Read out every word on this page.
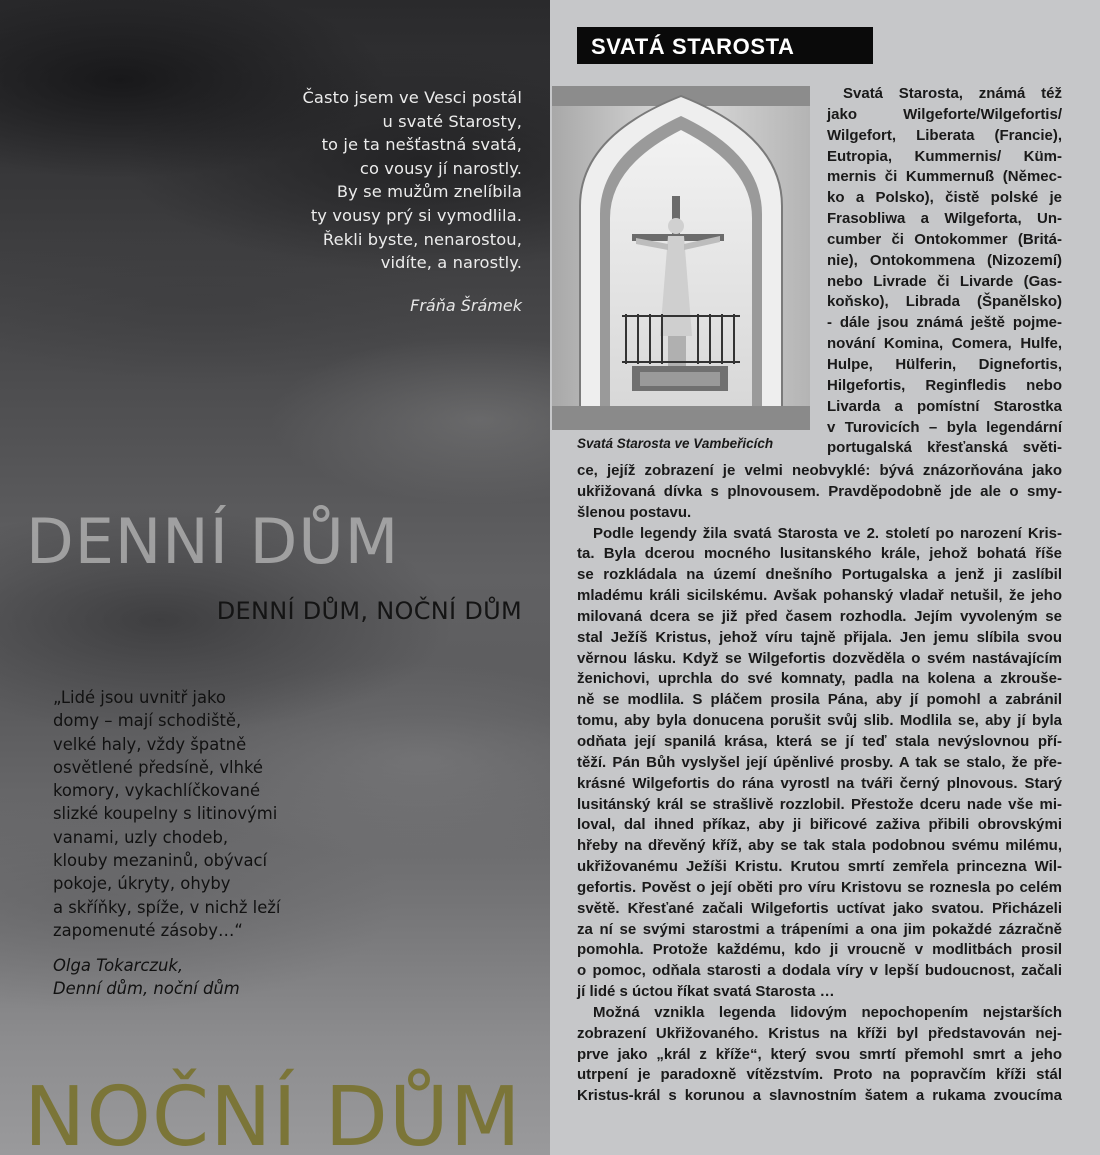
Často jsem ve Vesci postál
u svaté Starosty,
to je ta nešťastná svatá,
co vousy jí narostly.
By se mužům znelíbila
ty vousy prý si vymodlila.
Řekli byste, nenarostou,
vidíte, a narostly.
Fráňa Šrámek
DENNÍ DŮM
DENNÍ DŮM, NOČNÍ DŮM
„Lidé jsou uvnitř jako
domy – mají schodiště,
velké haly, vždy špatně
osvětlené předsíně, vlhké
komory, vykachlíčkované
slizké koupelny s litinovými
vanami, uzly chodeb,
klouby mezaninů, obývací
pokoje, úkryty, ohyby
a skříňky, spíže, v nichž leží
zapomenuté zásoby…“
Olga Tokarczuk,
Denní dům, noční dům
NOČNÍ DŮM
SVATÁ STAROSTA
Svatá Starosta ve Vambeřicích
Svatá Starosta, známá též
jako Wilgeforte/Wilgefortis/
Wilgefort, Liberata (Francie),
Eutropia, Kummernis/ Küm-
mernis či Kummernuß (Němec-
ko a Polsko), čistě polské je
Frasobliwa a Wilgeforta, Un-
cumber či Ontokommer (Britá-
nie), Ontokommena (Nizozemí)
nebo Livrade či Livarde (Gas-
koňsko), Librada (Španělsko)
- dále jsou známá ještě pojme-
nování Komina, Comera, Hulfe,
Hulpe, Hülferin, Dignefortis,
Hilgefortis, Reginfledis nebo
Livarda a pomístní Starostka
v Turovicích – byla legendární
portugalská křesťanská světi-
ce, jejíž zobrazení je velmi neobvyklé: bývá znázorňována jako
ukřižovaná dívka s plnovousem. Pravděpodobně jde ale o smy-
šlenou postavu.
Podle legendy žila svatá Starosta ve 2. století po narození Kris-
ta. Byla dcerou mocného lusitanského krále, jehož bohatá říše
se rozkládala na území dnešního Portugalska a jenž ji zaslíbil
mladému králi sicilskému. Avšak pohanský vladař netušil, že jeho
milovaná dcera se již před časem rozhodla. Jejím vyvoleným se
stal Ježíš Kristus, jehož víru tajně přijala. Jen jemu slíbila svou
věrnou lásku. Když se Wilgefortis dozvěděla o svém nastávajícím
ženichovi, uprchla do své komnaty, padla na kolena a zkrouše-
ně se modlila. S pláčem prosila Pána, aby jí pomohl a zabránil
tomu, aby byla donucena porušit svůj slib. Modlila se, aby jí byla
odňata její spanilá krása, která se jí teď stala nevýslovnou pří-
těží. Pán Bůh vyslyšel její úpěnlivé prosby. A tak se stalo, že pře-
krásné Wilgefortis do rána vyrostl na tváři černý plnovous. Starý
lusitánský král se strašlivě rozzlobil. Přestože dceru nade vše mi-
loval, dal ihned příkaz, aby ji biřicové zaživa přibili obrovskými
hřeby na dřevěný kříž, aby se tak stala podobnou svému milému,
ukřižovanému Ježíši Kristu. Krutou smrtí zemřela princezna Wil-
gefortis. Pověst o její oběti pro víru Kristovu se roznesla po celém
světě. Křesťané začali Wilgefortis uctívat jako svatou. Přicházeli
za ní se svými starostmi a trápeními a ona jim pokaždé zázračně
pomohla. Protože každému, kdo ji vroucně v modlitbách prosil
o pomoc, odňala starosti a dodala víry v lepší budoucnost, začali
jí lidé s úctou říkat svatá Starosta …
Možná vznikla legenda lidovým nepochopením nejstarších
zobrazení Ukřižovaného. Kristus na kříži byl představován nej-
prve jako „král z kříže“, který svou smrtí přemohl smrt a jeho
utrpení je paradoxně vítězstvím. Proto na popravčím kříži stál
Kristus-král s korunou a slavnostním šatem a rukama zvoucíma
